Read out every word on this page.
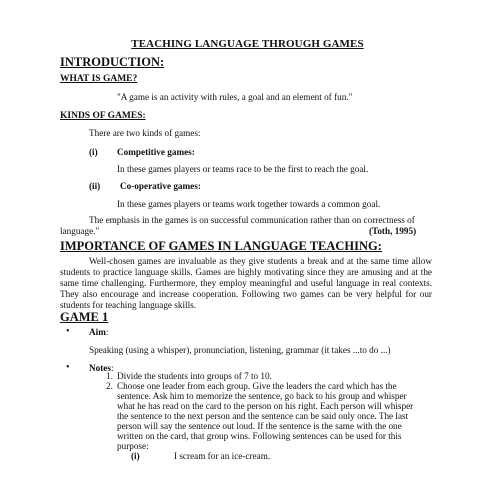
TEACHING LANGUAGE THROUGH GAMES
INTRODUCTION:
WHAT IS GAME?
"A game is an activity with rules, a goal and an element of fun."
KINDS OF GAMES:
There are two kinds of games:
(i) Competitive games:
In these games players or teams race to be the first to reach the goal.
(ii) Co-operative games:
In these games players or teams work together towards a common goal.
The emphasis in the games is on successful communication rather than on correctness of
language."	(Toth, 1995)
IMPORTANCE OF GAMES IN LANGUAGE TEACHING:
Well-chosen games are invaluable as they give students a break and at the same time allow students to practice language skills. Games are highly motivating since they are amusing and at the same time challenging. Furthermore, they employ meaningful and useful language in real contexts. They also encourage and increase cooperation. Following two games can be very helpful for our students for teaching language skills.
GAME 1
• Aim:
Speaking (using a whisper), pronunciation, listening, grammar (it takes ...to do ...)
• Notes:
1. Divide the students into groups of 7 to 10.
2. Choose one leader from each group. Give the leaders the card which has the
sentence. Ask him to memorize the sentence, go back to his group and whisper
what he has read on the card to the person on his right. Each person will whisper
the sentence to the next person and the sentence can be said only once. The last
person will say the sentence out loud. If the sentence is the same with the one
written on the card, that group wins. Following sentences can be used for this
purpose:
(i)	I scream for an ice-cream.
